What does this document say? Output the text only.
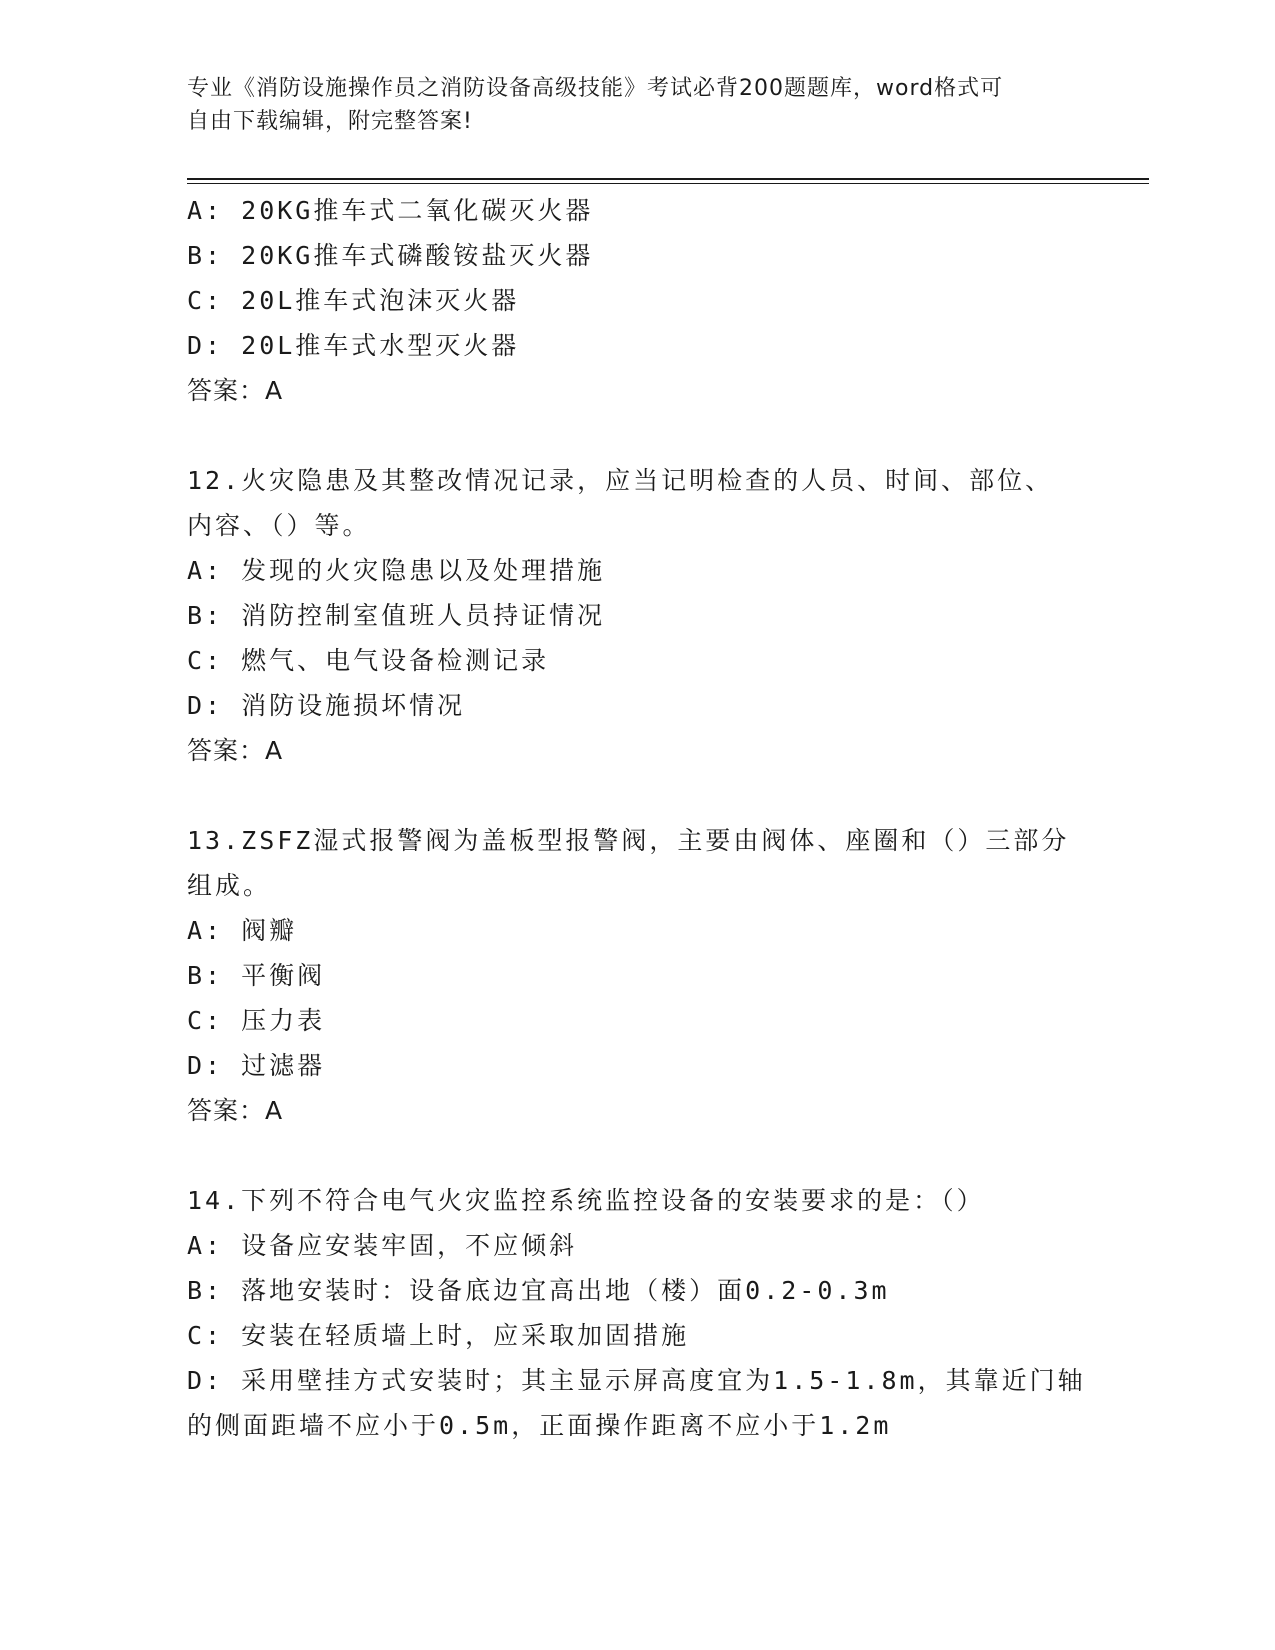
专业《消防设施操作员之消防设备高级技能》考试必背200题题库，word格式可
自由下载编辑，附完整答案!
A: 20KG推车式二氧化碳灭火器
B: 20KG推车式磷酸铵盐灭火器
C: 20L推车式泡沫灭火器
D: 20L推车式水型灭火器
答案：A
12.火灾隐患及其整改情况记录，应当记明检查的人员、时间、部位、
内容、（）等。
A: 发现的火灾隐患以及处理措施
B: 消防控制室值班人员持证情况
C: 燃气、电气设备检测记录
D: 消防设施损坏情况
答案：A
13.ZSFZ湿式报警阀为盖板型报警阀，主要由阀体、座圈和（）三部分
组成。
A: 阀瓣
B: 平衡阀
C: 压力表
D: 过滤器
答案：A
14.下列不符合电气火灾监控系统监控设备的安装要求的是：（）
A: 设备应安装牢固，不应倾斜
B: 落地安装时：设备底边宜高出地（楼）面0.2-0.3m
C: 安装在轻质墙上时，应采取加固措施
D: 采用壁挂方式安装时；其主显示屏高度宜为1.5-1.8m，其靠近门轴
的侧面距墙不应小于0.5m，正面操作距离不应小于1.2m
